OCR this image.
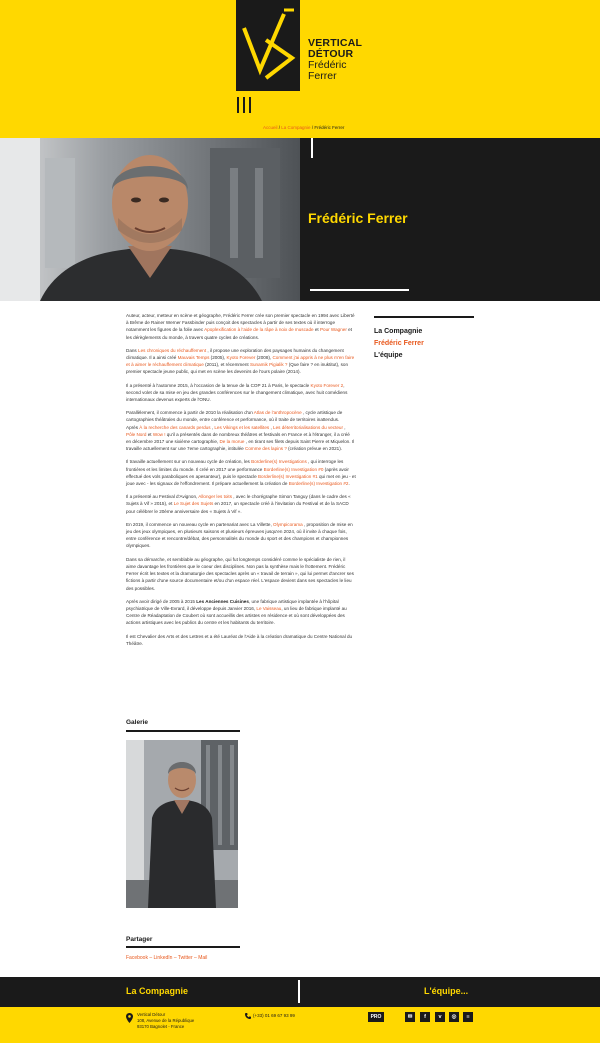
VERTICAL
DÉTOUR
Frédéric
Ferrer
Accueil / La Compagnie / Frédéric Ferrer
Frédéric Ferrer

Auteur, acteur, metteur en scène et géographe, Frédéric Ferrer crée son premier spectacle en 1994 avec Liberté à Brême de Rainer Werner Fassbinder puis conçoit des spectacles à partir de ses textes où il interroge notamment les figures de la folie avec Apoplexification à l'aide de la râpe à noix de muscade et Pour Wagner et les dérèglements du monde, à travers quatre cycles de créations.

Dans Les chroniques du réchauffement , il propose une exploration des paysages humains du changement climatique. Il a ainsi créé Mauvais Temps (2005), Kyoto Forever (2008), Comment j'ai appris à ne plus m'en faire et à aimer le réchauffement climatique (2011), et récemment Sunamik Pigialik ? (Que faire ? en inuktitut), son premier spectacle jeune public, qui met en scène les devenirs de l'ours polaire (2014).

Il a présenté à l'automne 2015, à l'occasion de la tenue de la COP 21 à Paris, le spectacle Kyoto Forever 2, second volet de sa mise en jeu des grandes conférences sur le changement climatique, avec huit comédiens internationaux devenus experts de l'ONU.

Parallèlement, il commence à partir de 2010 la réalisation d'un Atlas de l'anthropocène , cycle artistique de cartographies théâtrales du monde, entre conférence et performance, où il traite de territoires inattendus.
Après À la recherche des canards perdus , Les Vikings et les satellites , Les déterritorialisations du vecteur , Pôle Nord et Wow ! qu'il a présentés dans de nombreux théâtres et festivals en France et à l'étranger, il a créé en décembre 2017 une sixième cartographie, De la morue , en tirant ses filets depuis Saint Pierre et Miquelon. Il travaille actuellement sur une 7eme cartographie, intitulée Comme des lapins ? (création prévue en 2021).

Il travaille actuellement sur un nouveau cycle de création, les Borderline(s) Investigations , qui interroge les frontières et les limites du monde. Il créé en 2017 une performance Borderline(s) Investigation #0 (après avoir effectué des vols paraboliques en apesanteur), puis le spectacle Borderline(s) Investigation #1 qui met en jeu - et joue avec - les signaux de l'effondrement. Il prépare actuellement la création de Borderline(s) Investigation #2.

Il a présenté au Festival d'Avignon, Allonger les toits , avec le chorégraphe Simon Tanguy (dans le cadre des « Sujets à Vif » 2015), et Le Sujet des Sujets en 2017, un spectacle créé à l'invitation du Festival et de la SACD pour célébrer le 20ème anniversaire des « Sujets à Vif ».

En 2019, il commence un nouveau cycle en partenariat avec La Villette, Olympicorama , proposition de mise en jeu des jeux olympiques, en plusieurs saisons et plusieurs épreuves jusqu'en 2024, où il invite à chaque fois, entre conférence et rencontre/débat, des personnalités du monde du sport et des champions et championnes olympiques.

Dans sa démarche, et semblable au géographe, qui fut longtemps considéré comme le spécialiste de rien, il aime davantage les frontières que le coeur des disciplines. Non pas la synthèse mais le frottement. Frédéric Ferrer écrit les textes et la dramaturgie des spectacles après un « travail de terrain », qui lui permet d'ancrer ses fictions à partir d'une source documentaire et/ou d'un espace réel. L'espace devient dans ses spectacles le lieu des possibles.

Après avoir dirigé de 2005 à 2015 Les Anciennes Cuisines, une fabrique artistique implantée à l'hôpital psychiatrique de Ville-Evrard, il développe depuis Janvier 2016, Le Vaisseau, un lieu de fabrique implanté au Centre de Réadaptation de Coubert où sont accueillis des artistes en résidence et où sont développées des actions artistiques avec les publics du centre et les habitants du territoire.

Il est Chevalier des Arts et des Lettres et a été Lauréat de l'Aide à la création dramatique du Centre National du Théâtre.

La Compagnie
Frédéric Ferrer
L'équipe
Galerie
Partager
Facebook – LinkedIn – Twitter – Mail
La Compagnie	L'équipe...
Vertical Détour
108, Avenue de la République
93170 Bagnolet - France
(+33) 01 69 67 93 99	PRO	✉	f	v	◎	≡
